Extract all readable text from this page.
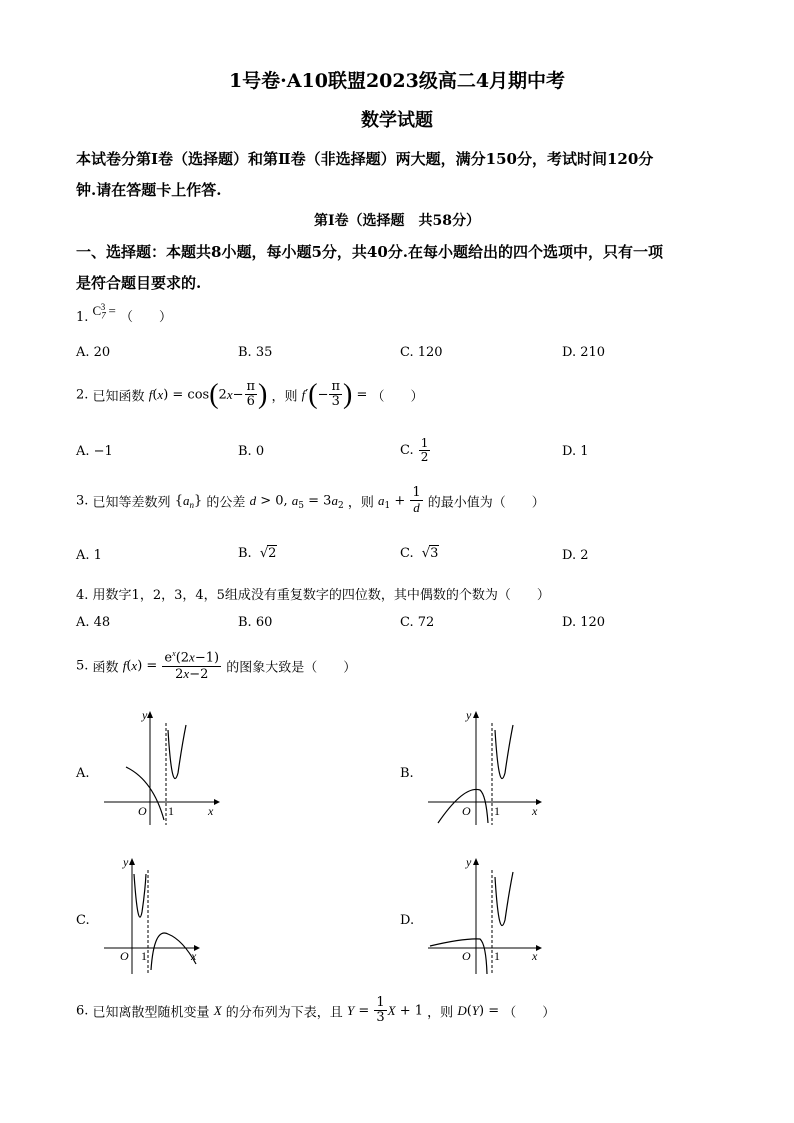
1号卷·A10联盟2023级高二4月期中考
数学试题
本试卷分第Ⅰ卷（选择题）和第Ⅱ卷（非选择题）两大题，满分150分，考试时间120分
钟.请在答题卡上作答.
第Ⅰ卷（选择题　共58分）
一、选择题：本题共8小题，每小题5分，共40分.在每小题给出的四个选项中，只有一项
是符合题目要求的.
1. $C_7^3$ = （　　）
A. 20	B. 35	C. 120	D. 210
2. 已知函数 $f(x) = \cos(2x- \frac{\pi}{6}$ ) ，则 $f'(- \frac{\pi}{3}$ ) = （　　）
A. −1	B. 0	C. $\frac{1}{2}$	D. 1
3. 已知等差数列 $\{a_n\}$ 的公差 d > 0, $a_5 = 3a_2$ ，则 $a_1 + \frac{1}{d}$ 的最小值为（　　）
A. 1	B. √2	C. √3	D. 2
4. 用数字1，2，3，4，5组成没有重复数字的四位数，其中偶数的个数为（　　）
A. 48	B. 60	C. 72	D. 120
5. 函数 $f(x) = \frac{e^x(2x-1)}{2x-2}$ 的图象大致是（　　）
A.	B.
C.	D.
O 1	x
y
O 1	x
y
O 1	x
y
O 1	x
y
6. 已知离散型随机变量 X 的分布列为下表，且 $Y = \frac{1}{3}$ X + 1 ，则 D(Y) = （　　）
